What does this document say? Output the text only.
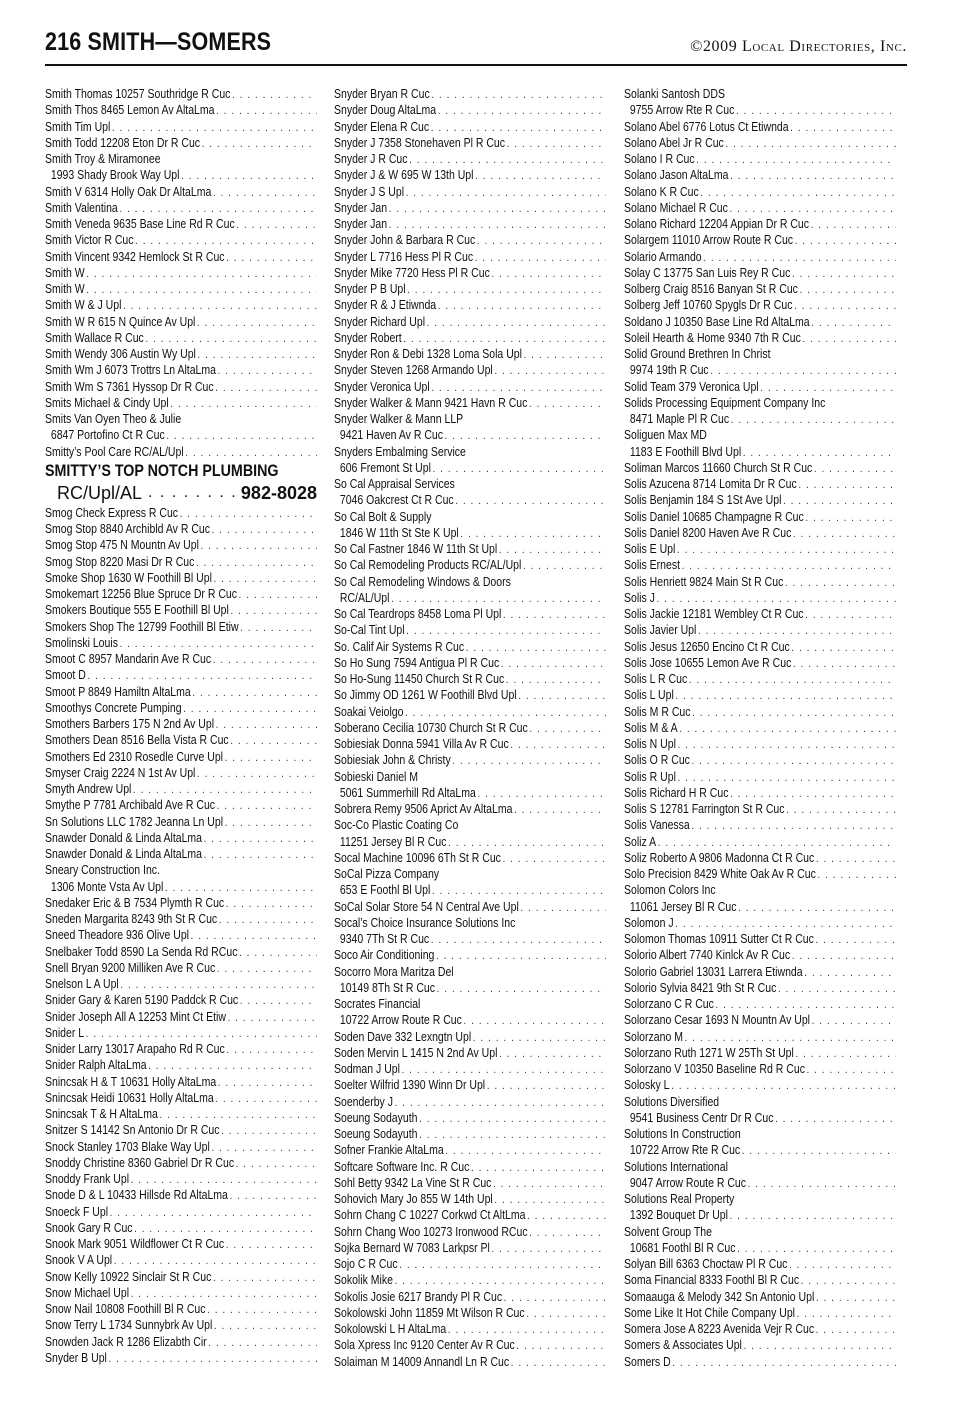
216 SMITH—SOMERS	©2009 Local Directories, Inc.
Smith Thomas 10257 Southridge R Cuc. . .
Smith Thos 8465 Lemon Av AltaLma. . .
Smith Tim Upl. . .
Smith Todd 12208 Eton Dr R Cuc. . .
Smith Troy & Miramonee
1993 Shady Brook Way Upl. . .
Smith V 6314 Holly Oak Dr AltaLma. . .
Smith Valentina. . .
Smith Veneda 9635 Base Line Rd R Cuc. . .
Smith Victor R Cuc. . .
Smith Vincent 9342 Hemlock St R Cuc. . .
Smith W. . .
Smith W. . .
Smith W & J Upl. . .
Smith W R 615 N Quince Av Upl. . .
Smith Wallace R Cuc. . .
Smith Wendy 306 Austin Wy Upl. . .
Smith Wm J 6073 Trottrs Ln AltaLma. . .
Smith Wm S 7361 Hyssop Dr R Cuc. . .
Smits Michael & Cindy Upl. . .
Smits Van Oyen Theo & Julie
6847 Portofino Ct R Cuc. . .
Smitty’s Pool Care RC/AL/Upl. . .
SMITTY’S TOP NOTCH PLUMBING
RC/Upl/AL
. . .	982-8028
Smog Check Express R Cuc. . .
Smog Stop 8840 Archibld Av R Cuc. . .
Smog Stop 475 N Mountn Av Upl. . .
Smog Stop 8220 Masi Dr R Cuc. . .
Smoke Shop 1630 W Foothill Bl Upl. . .
Smokemart 12256 Blue Spruce Dr R Cuc. . .
Smokers Boutique 555 E Foothill Bl Upl. . .
Smokers Shop The 12799 Foothill Bl Etiw. . .
Smolinski Louis. . .
Smoot C 8957 Mandarin Ave R Cuc. . .
Smoot D. . .
Smoot P 8849 Hamiltn AltaLma. . .
Smoothys Concrete Pumping. . .
Smothers Barbers 175 N 2nd Av Upl. . .
Smothers Dean 8516 Bella Vista R Cuc. . .
Smothers Ed 2310 Rosedle Curve Upl. . .
Smyser Craig 2224 N 1st Av Upl. . .
Smyth Andrew Upl. . .
Smythe P 7781 Archibald Ave R Cuc. . .
Sn Solutions LLC 1782 Jeanna Ln Upl. . .
Snawder Donald & Linda AltaLma. . .
Snawder Donald & Linda AltaLma. . .
Sneary Construction Inc.
1306 Monte Vsta Av Upl. . .
Snedaker Eric & B 7534 Plymth R Cuc. . .
Sneden Margarita 8243 9th St R Cuc. . .
Sneed Theadore 936 Olive Upl. . .
Snelbaker Todd 8590 La Senda Rd RCuc. . .
Snell Bryan 9200 Milliken Ave R Cuc. . .
Snelson L A Upl. . .
Snider Gary & Karen 5190 Paddck R Cuc. . .
Snider Joseph All A 12253 Mint Ct Etiw. . .
Snider L. . .
Snider Larry 13017 Arapaho Rd R Cuc. . .
Snider Ralph AltaLma. . .
Snincsak H & T 10631 Holly AltaLma. . .
Snincsak Heidi 10631 Holly AltaLma. . .
Snincsak T & H AltaLma. . .
Snitzer S 14142 Sn Antonio Dr R Cuc. . .
Snock Stanley 1703 Blake Way Upl. . .
Snoddy Christine 8360 Gabriel Dr R Cuc. . .
Snoddy Frank Upl. . .
Snode D & L 10433 Hillsde Rd AltaLma. . .
Snoeck F Upl. . .
Snook Gary R Cuc. . .
Snook Mark 9051 Wildflower Ct R Cuc. . .
Snook V A Upl. . .
Snow Kelly 10922 Sinclair St R Cuc. . .
Snow Michael Upl. . .
Snow Nail 10808 Foothill Bl R Cuc. . .
Snow Terry L 1734 Sunnybrk Av Upl. . .
Snowden Jack R 1286 Elizabth Cir. . .
Snyder B Upl. . .
Snyder Bryan R Cuc. . .
Snyder Doug AltaLma. . .
Snyder Elena R Cuc. . .
Snyder J 7358 Stonehaven Pl R Cuc. . .
Snyder J R Cuc. . .
Snyder J & W 695 W 13th Upl. . .
Snyder J S Upl. . .
Snyder Jan. . .
Snyder Jan. . .
Snyder John & Barbara R Cuc. . .
Snyder L 7716 Hess Pl R Cuc. . .
Snyder Mike 7720 Hess Pl R Cuc. . .
Snyder P B Upl. . .
Snyder R & J Etiwnda. . .
Snyder Richard Upl. . .
Snyder Robert. . .
Snyder Ron & Debi 1328 Loma Sola Upl. . .
Snyder Steven 1268 Armando Upl. . .
Snyder Veronica Upl. . .
Snyder Walker & Mann 9421 Havn R Cuc. . .
Snyder Walker & Mann LLP
9421 Haven Av R Cuc. . .
Snyders Embalming Service
606 Fremont St Upl. . .
So Cal Appraisal Services
7046 Oakcrest Ct R Cuc. . .
So Cal Bolt & Supply
1846 W 11th St Ste K Upl. . .
So Cal Fastner 1846 W 11th St Upl. . .
So Cal Remodeling Products RC/AL/Upl. . .
So Cal Remodeling Windows & Doors
RC/AL/Upl. . .
So Cal Teardrops 8458 Loma Pl Upl. . .
So-Cal Tint Upl. . .
So. Calif Air Systems R Cuc. . .
So Ho Sung 7594 Antigua Pl R Cuc. . .
So Ho-Sung 11450 Church St R Cuc. . .
So Jimmy OD 1261 W Foothill Blvd Upl. . .
Soakai Veiolgo. . .
Soberano Cecilia 10730 Church St R Cuc. . .
Sobiesiak Donna 5941 Villa Av R Cuc. . .
Sobiesiak John & Christy. . .
Sobieski Daniel M
5061 Summerhill Rd AltaLma. . .
Sobrera Remy 9506 Aprict Av AltaLma. . .
Soc-Co Plastic Coating Co
11251 Jersey Bl R Cuc. . .
Socal Machine 10096 6Th St R Cuc. . .
SoCal Pizza Company
653 E Foothl Bl Upl. . .
SoCal Solar Store 54 N Central Ave Upl. . .
Socal’s Choice Insurance Solutions Inc
9340 7Th St R Cuc. . .
Soco Air Conditioning. . .
Socorro Mora Maritza Del
10149 8Th St R Cuc. . .
Socrates Financial
10722 Arrow Route R Cuc. . .
Soden Dave 332 Lexngtn Upl. . .
Soden Mervin L 1415 N 2nd Av Upl. . .
Sodman J Upl. . .
Soelter Wilfrid 1390 Winn Dr Upl. . .
Soenderby J. . .
Soeung Sodayuth. . .
Soeung Sodayuth. . .
Sofner Frankie AltaLma. . .
Softcare Software Inc. R Cuc. . .
Sohl Betty 9342 La Vine St R Cuc. . .
Sohovich Mary Jo 855 W 14th Upl. . .
Sohrn Chang C 10227 Corkwd Ct AltLma. . .
Sohrn Chang Woo 10273 Ironwood RCuc. . .
Sojka Bernard W 7083 Larkpsr Pl. . .
Sojo C R Cuc. . .
Sokolik Mike. . .
Sokolis Josie 6217 Brandy Pl R Cuc. . .
Sokolowski John 11859 Mt Wilson R Cuc. . .
Sokolowski L H AltaLma. . .
Sola Xpress Inc 9120 Center Av R Cuc. . .
Solaiman M 14009 Annandl Ln R Cuc. . .
Solanki Santosh DDS
9755 Arrow Rte R Cuc. . .
Solano Abel 6776 Lotus Ct Etiwnda. . .
Solano Abel Jr R Cuc. . .
Solano I R Cuc. . .
Solano Jason AltaLma. . .
Solano K R Cuc. . .
Solano Michael R Cuc. . .
Solano Richard 12204 Appian Dr R Cuc. . .
Solargem 11010 Arrow Route R Cuc. . .
Solario Armando. . .
Solay C 13775 San Luis Rey R Cuc. . .
Solberg Craig 8516 Banyan St R Cuc. . .
Solberg Jeff 10760 Spygls Dr R Cuc. . .
Soldano J 10350 Base Line Rd AltaLma. . .
Soleil Hearth & Home 9340 7th R Cuc. . .
Solid Ground Brethren In Christ
9974 19th R Cuc. . .
Solid Team 379 Veronica Upl. . .
Solids Processing Equipment Company Inc
8471 Maple Pl R Cuc. . .
Soliguen Max MD
1183 E Foothill Blvd Upl. . .
Soliman Marcos 11660 Church St R Cuc. . .
Solis Azucena 8714 Lomita Dr R Cuc. . .
Solis Benjamin 184 S 1St Ave Upl. . .
Solis Daniel 10685 Champagne R Cuc. . .
Solis Daniel 8200 Haven Ave R Cuc. . .
Solis E Upl. . .
Solis Ernest. . .
Solis Henriett 9824 Main St R Cuc. . .
Solis J. . .
Solis Jackie 12181 Wembley Ct R Cuc. . .
Solis Javier Upl. . .
Solis Jesus 12650 Encino Ct R Cuc. . .
Solis Jose 10655 Lemon Ave R Cuc. . .
Solis L R Cuc. . .
Solis L Upl. . .
Solis M R Cuc. . .
Solis M & A. . .
Solis N Upl. . .
Solis O R Cuc. . .
Solis R Upl. . .
Solis Richard H R Cuc. . .
Solis S 12781 Farrington St R Cuc. . .
Solis Vanessa. . .
Soliz A. . .
Soliz Roberto A 9806 Madonna Ct R Cuc. . .
Solo Precision 8429 White Oak Av R Cuc. . .
Solomon Colors Inc
11061 Jersey Bl R Cuc. . .
Solomon J. . .
Solomon Thomas 10911 Sutter Ct R Cuc. . .
Solorio Albert 7740 Kinlck Av R Cuc. . .
Solorio Gabriel 13031 Larrera Etiwnda. . .
Solorio Sylvia 8421 9th St R Cuc. . .
Solorzano C R Cuc. . .
Solorzano Cesar 1693 N Mountn Av Upl. . .
Solorzano M. . .
Solorzano Ruth 1271 W 25Th St Upl. . .
Solorzano V 10350 Baseline Rd R Cuc. . .
Solosky L. . .
Solutions Diversified
9541 Business Centr Dr R Cuc. . .
Solutions In Construction
10722 Arrow Rte R Cuc. . .
Solutions International
9047 Arrow Route R Cuc. . .
Solutions Real Property
1392 Bouquet Dr Upl. . .
Solvent Group The
10681 Foothl Bl R Cuc. . .
Solyan Bill 6363 Choctaw Pl R Cuc. . .
Soma Financial 8333 Foothl Bl R Cuc. . .
Somaauga & Melody 342 Sn Antonio Upl. . .
Some Like It Hot Chile Company Upl. . .
Somera Jose A 8223 Avenida Vejr R Cuc. . .
Somers & Associates Upl. . .
Somers D. . .
